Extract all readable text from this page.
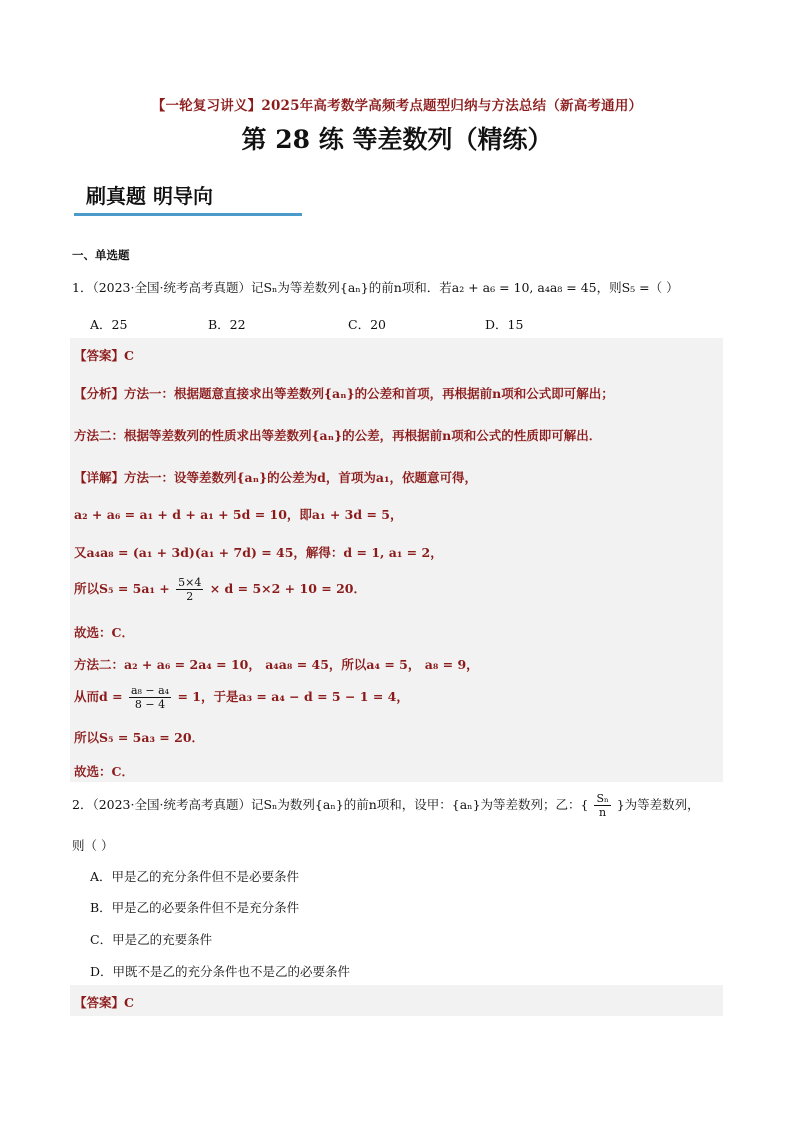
【一轮复习讲义】2025年高考数学高频考点题型归纳与方法总结（新高考通用）
第 28 练 等差数列（精练）
刷真题 明导向
一、单选题
1．（2023·全国·统考高考真题）记Sₙ为等差数列{aₙ}的前n项和．若a₂ + a₆ = 10, a₄a₈ = 45，则S₅ =（ ）
A．25	B．22	C．20	D．15
【答案】C
【分析】方法一：根据题意直接求出等差数列{aₙ}的公差和首项，再根据前n项和公式即可解出；
方法二：根据等差数列的性质求出等差数列{aₙ}的公差，再根据前n项和公式的性质即可解出．
【详解】方法一：设等差数列{aₙ}的公差为d，首项为a₁，依题意可得，
a₂ + a₆ = a₁ + d + a₁ + 5d = 10，即a₁ + 3d = 5，
又a₄a₈ = (a₁ + 3d)(a₁ + 7d) = 45，解得：d = 1, a₁ = 2，
所以$S_5 = 5a_1 + \frac{5\times 4}{2} \times d = 5\times 2 + 10 = 20$．
故选：C．
方法二：a₂ + a₆ = 2a₄ = 10， a₄a₈ = 45，所以a₄ = 5， a₈ = 9，
从而$d = \frac{\text{a₈ − a₄}}{8 - 4} = 1$，于是a₃ = a₄ − d = 5 − 1 = 4，
所以S₅ = 5a₃ = 20．
故选：C．
2．（2023·全国·统考高考真题）记Sₙ为数列{aₙ}的前n项和，设甲：{aₙ}为等差数列；乙：{ $\frac{\text{Sₙ}}{n}$ }为等差数列，
则（ ）
A．甲是乙的充分条件但不是必要条件
B．甲是乙的必要条件但不是充分条件
C．甲是乙的充要条件
D．甲既不是乙的充分条件也不是乙的必要条件
【答案】C
